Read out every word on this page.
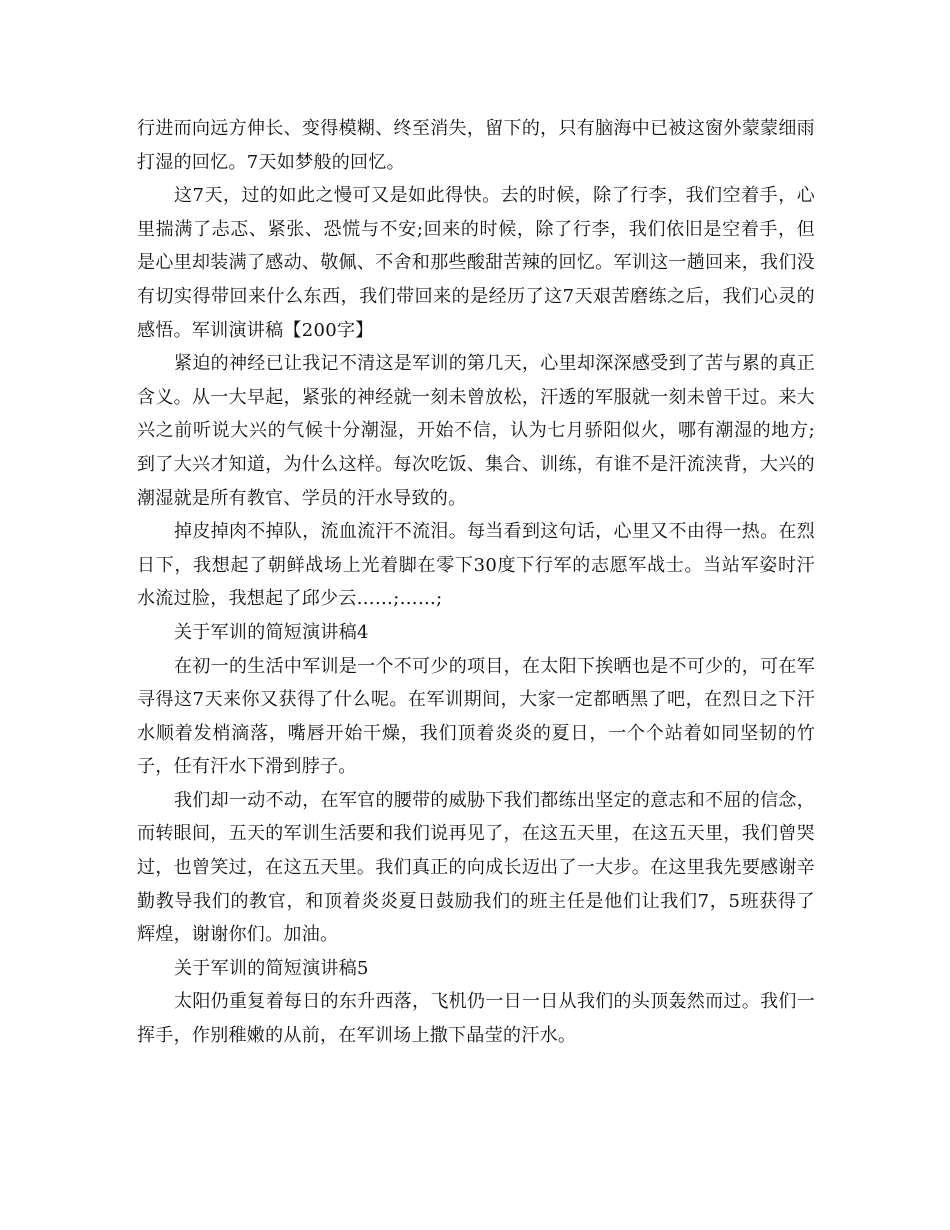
行进而向远方伸长、变得模糊、终至消失，留下的，只有脑海中已被这窗外蒙蒙细雨打湿的回忆。7天如梦般的回忆。

这7天，过的如此之慢可又是如此得快。去的时候，除了行李，我们空着手，心里揣满了忐忑、紧张、恐慌与不安;回来的时候，除了行李，我们依旧是空着手，但是心里却装满了感动、敬佩、不舍和那些酸甜苦辣的回忆。军训这一趟回来，我们没有切实得带回来什么东西，我们带回来的是经历了这7天艰苦磨练之后，我们心灵的感悟。军训演讲稿【200字】

紧迫的神经已让我记不清这是军训的第几天，心里却深深感受到了苦与累的真正含义。从一大早起，紧张的神经就一刻未曾放松，汗透的军服就一刻未曾干过。来大兴之前听说大兴的气候十分潮湿，开始不信，认为七月骄阳似火，哪有潮湿的地方;到了大兴才知道，为什么这样。每次吃饭、集合、训练，有谁不是汗流浃背，大兴的潮湿就是所有教官、学员的汗水导致的。

掉皮掉肉不掉队，流血流汗不流泪。每当看到这句话，心里又不由得一热。在烈日下，我想起了朝鲜战场上光着脚在零下30度下行军的志愿军战士。当站军姿时汗水流过脸，我想起了邱少云……;……;

关于军训的简短演讲稿4

在初一的生活中军训是一个不可少的项目，在太阳下挨晒也是不可少的，可在军寻得这7天来你又获得了什么呢。在军训期间，大家一定都晒黑了吧，在烈日之下汗水顺着发梢滴落，嘴唇开始干燥，我们顶着炎炎的夏日，一个个站着如同坚韧的竹子，任有汗水下滑到脖子。

我们却一动不动，在军官的腰带的威胁下我们都练出坚定的意志和不屈的信念，而转眼间，五天的军训生活要和我们说再见了，在这五天里，在这五天里，我们曾哭过，也曾笑过，在这五天里。我们真正的向成长迈出了一大步。在这里我先要感谢辛勤教导我们的教官，和顶着炎炎夏日鼓励我们的班主任是他们让我们7，5班获得了辉煌，谢谢你们。加油。

关于军训的简短演讲稿5

太阳仍重复着每日的东升西落，飞机仍一日一日从我们的头顶轰然而过。我们一挥手，作别稚嫩的从前，在军训场上撒下晶莹的汗水。
